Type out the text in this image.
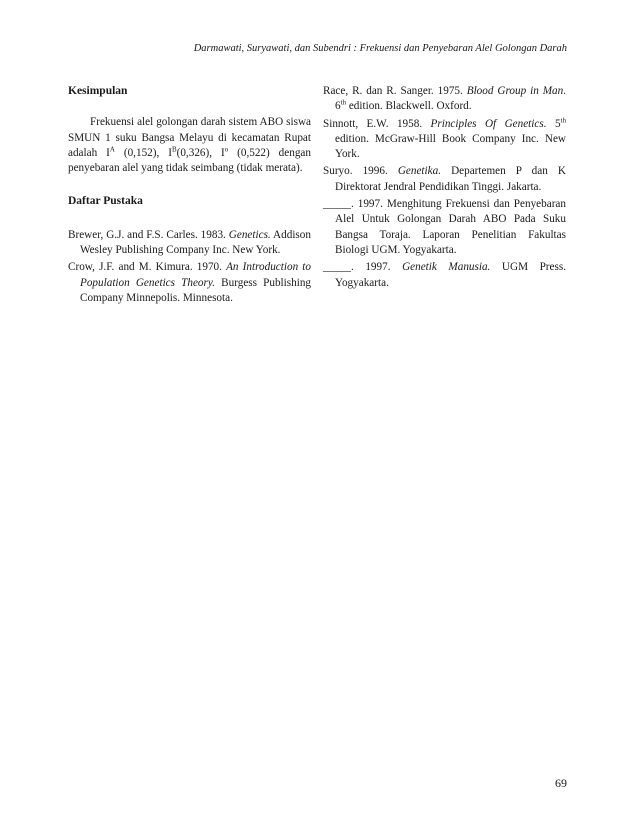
Darmawati, Suryawati, dan Subendri : Frekuensi dan Penyebaran Alel Golongan Darah

Kesimpulan

Frekuensi alel golongan darah sistem ABO siswa SMUN 1 suku Bangsa Melayu di kecamatan Rupat adalah $I^A$ (0,152), $I^B(0,326)$, $I^o$ (0,522) dengan penyebaran alel yang tidak seimbang (tidak merata).

Daftar Pustaka

Brewer, G.J. and F.S. Carles. 1983. Genetics. Addison Wesley Publishing Company Inc. New York.

Crow, J.F. and M. Kimura. 1970. An Introduction to Population Genetics Theory. Burgess Publishing Company Minnepolis. Minnesota.

Race, R. dan R. Sanger. 1975. Blood Group in Man. 6th edition. Blackwell. Oxford.

Sinnott, E.W. 1958. Principles Of Genetics. 5th edition. McGraw-Hill Book Company Inc. New York.

Suryo. 1996. Genetika. Departemen P dan K Direktorat Jendral Pendidikan Tinggi. Jakarta.

_____. 1997. Menghitung Frekuensi dan Penyebaran Alel Untuk Golongan Darah ABO Pada Suku Bangsa Toraja. Laporan Penelitian Fakultas Biologi UGM. Yogyakarta.

_____. 1997. Genetik Manusia. UGM Press. Yogyakarta.

69
